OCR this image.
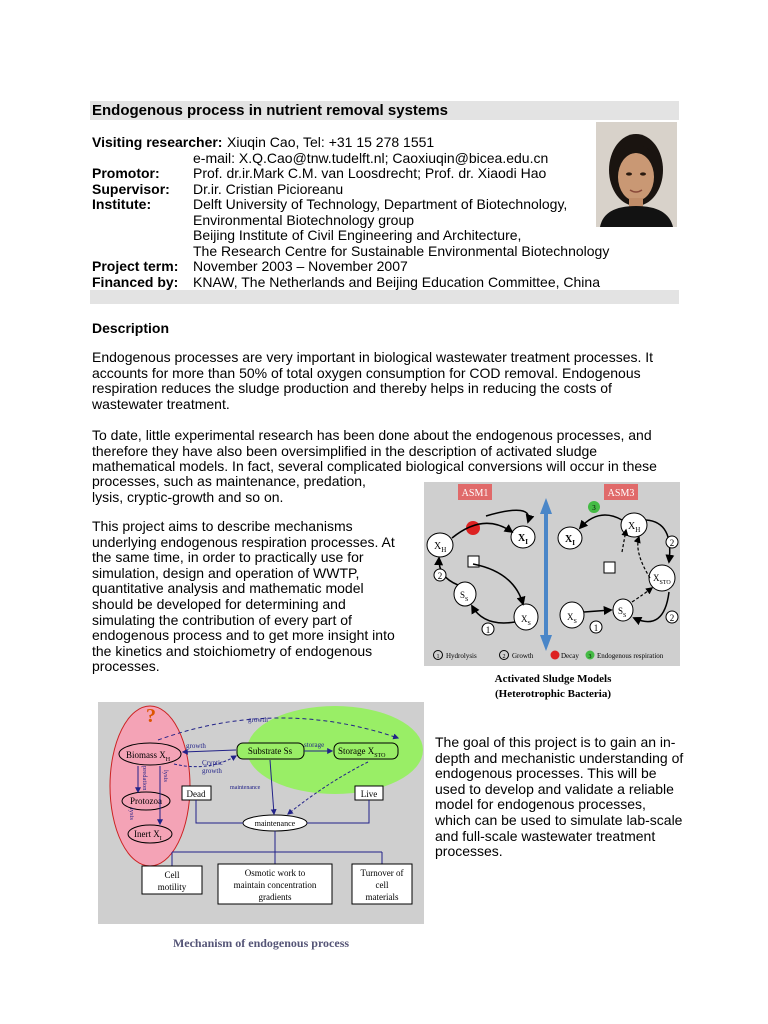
Endogenous process in nutrient removal systems
Visiting researcher: Xiuqin Cao, Tel: +31 15 278 1551
e-mail: X.Q.Cao@tnw.tudelft.nl; Caoxiuqin@bicea.edu.cn
Promotor: Prof. dr.ir.Mark C.M. van Loosdrecht; Prof. dr. Xiaodi Hao
Supervisor: Dr.ir. Cristian Picioreanu
Institute:	Delft University of Technology, Department of Biotechnology,
Environmental Biotechnology group
Beijing Institute of Civil Engineering and Architecture,
The Research Centre for Sustainable Environmental Biotechnology
Project term: November 2003 – November 2007
Financed by: KNAW, The Netherlands and Beijing Education Committee, China
Description

Endogenous processes are very important in biological wastewater treatment processes. It accounts for more than 50% of total oxygen consumption for COD removal. Endogenous respiration reduces the sludge production and thereby helps in reducing the costs of wastewater treatment.

To date, little experimental research has been done about the endogenous processes, and therefore they have also been oversimplified in the description of activated sludge mathematical models. In fact, several complicated biological conversions will occur in these

processes, such as maintenance, predation, lysis, cryptic-growth and so on.

This project aims to describe mechanisms underlying endogenous respiration processes. At the same time, in order to practically use for simulation, design and operation of WWTP, quantitative analysis and mathematic model should be developed for determining and simulating the contribution of every part of endogenous process and to get more insight into the kinetics and stoichiometry of endogenous processes.

ASM1	ASM3
$X_H$
$X_I$
$S_S$
$X_S$
2
1
$X_H$
$X_I$
$X_{STO}$
$S_S$
$X_S$
3
2
2
1
1 Hydrolysis	2 Growth	Decay 3 Endogenous respiration
Activated Sludge Models
(Heterotrophic Bacteria)
?
Biomass $X_H$
Substrate Ss	Storage $X_{STO}$
Protozoa
Inert $X_I$
Dead	Live
maintenance
growth
growth
Cryptic
growth
storage
maintenance
predation lysis
lysis
Cell
motility
Osmotic work to
maintain concentration
gradients
Turnover of
cell
materials
Mechanism of endogenous process

The goal of this project is to gain an in-depth and mechanistic understanding of endogenous processes. This will be used to develop and validate a reliable model for endogenous processes, which can be used to simulate lab-scale and full-scale wastewater treatment processes.
